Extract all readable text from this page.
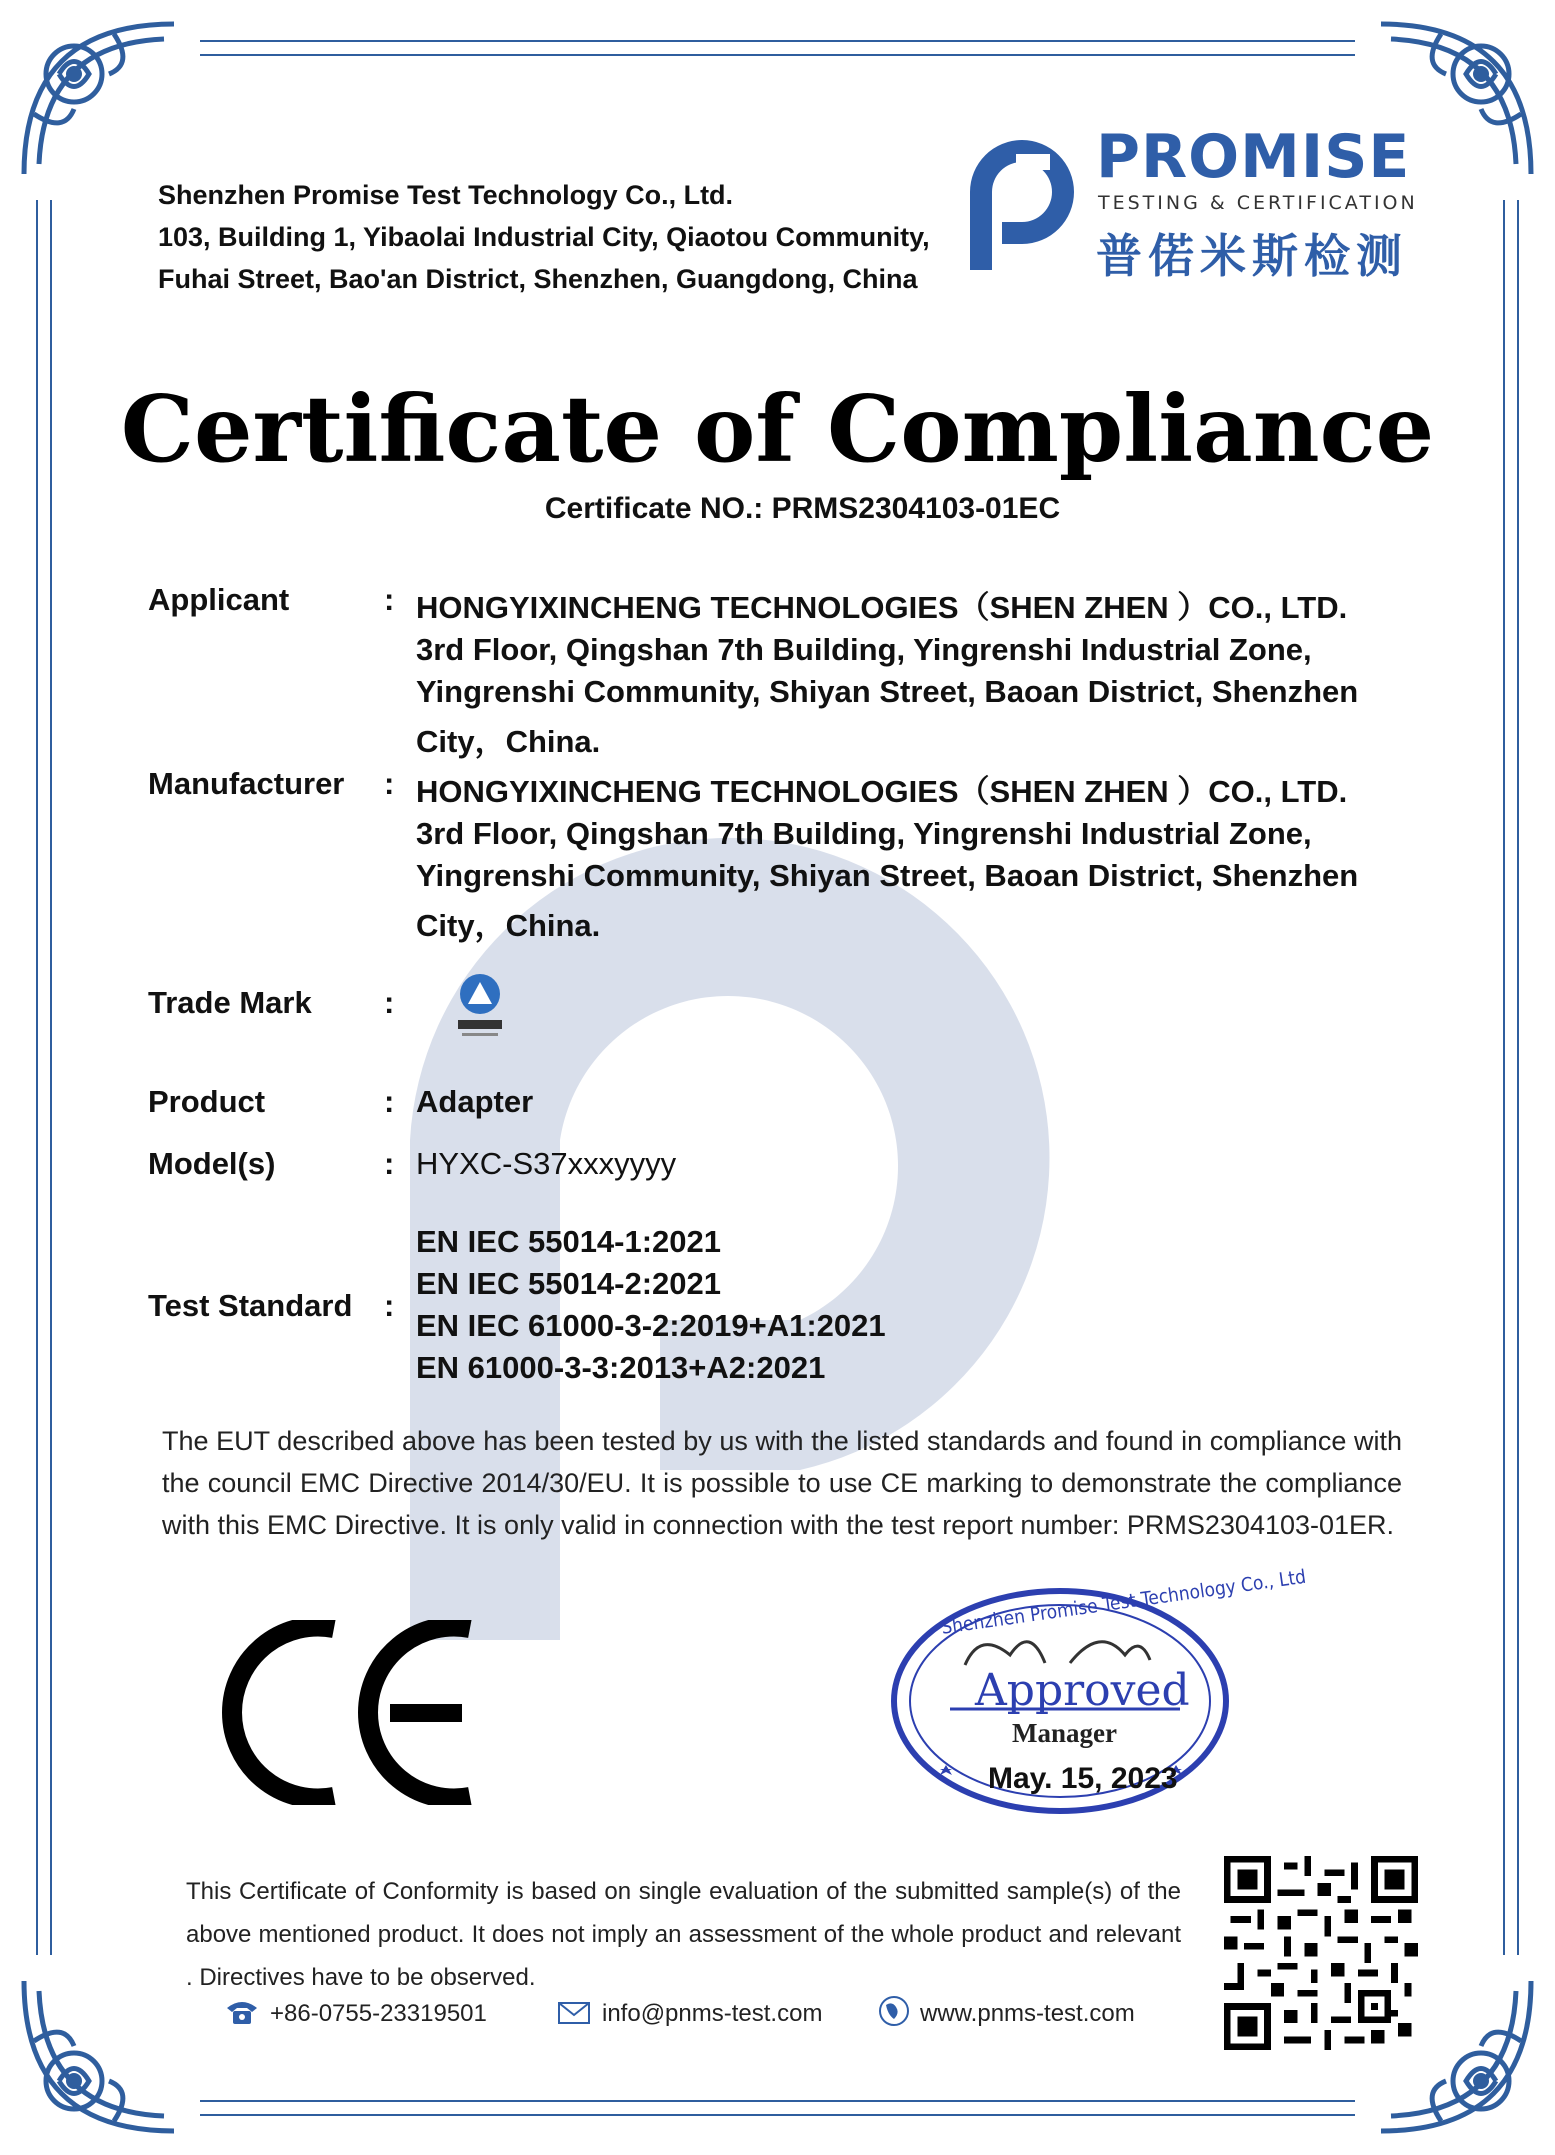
Shenzhen Promise Test Technology Co., Ltd.
103, Building 1, Yibaolai Industrial City, Qiaotou Community,
Fuhai Street, Bao'an District, Shenzhen, Guangdong, China
PROMISE
TESTING & CERTIFICATION
普偌米斯检测
Certificate of Compliance
Certificate NO.: PRMS2304103-01EC
Applicant	: HONGYIXINCHENG TECHNOLOGIES（SHEN ZHEN ）CO., LTD.
3rd Floor, Qingshan 7th Building, Yingrenshi Industrial Zone,
Yingrenshi Community, Shiyan Street, Baoan District, Shenzhen
City，China.
Manufacturer : HONGYIXINCHENG TECHNOLOGIES（SHEN ZHEN ）CO., LTD.
3rd Floor, Qingshan 7th Building, Yingrenshi Industrial Zone,
Yingrenshi Community, Shiyan Street, Baoan District, Shenzhen
City，China.
Trade Mark :
Product	: Adapter
Model(s)	: HYXC-S37xxxyyyy
Test Standard :
EN IEC 55014-1:2021
EN IEC 55014-2:2021
EN IEC 61000-3-2:2019+A1:2021
EN 61000-3-3:2013+A2:2021
The EUT described above has been tested by us with the listed standards and found in compliance with the council EMC Directive 2014/30/EU. It is possible to use CE marking to demonstrate the compliance with this EMC Directive. It is only valid in connection with the test report number: PRMS2304103-01ER.
Shenzhen Promise Test Technology Co., Ltd
Approved
Manager
May. 15, 2023
This Certificate of Conformity is based on single evaluation of the submitted sample(s) of the above mentioned product. It does not imply an assessment of the whole product and relevant . Directives have to be observed.
+86-0755-23319501	info@pnms-test.com	www.pnms-test.com
